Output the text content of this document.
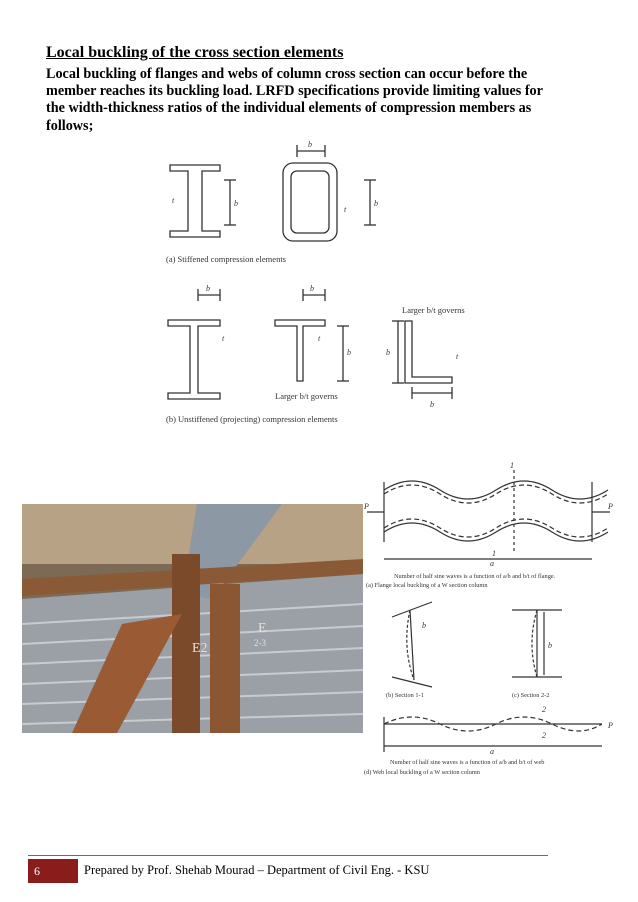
Local buckling of the cross section elements
Local buckling of flanges and webs of column cross section can occur before the member reaches its buckling load. LRFD specifications provide limiting values for the width-thickness ratios of the individual elements of compression members as follows;
b
b
b
t
t
b	b
b	b
b
t	t
t
(a) Stiffened compression elements
Larger b/t governs
Larger b/t governs
(b) Unstiffened (projecting) compression elements
E2
E
2-3
P	P
P
1
1
2
2
a
a
b
b
Number of half sine waves is a function of a/b and b/t of flange.
(a) Flange local buckling of a W section column
(b) Section 1-1	(c) Section 2-2
Number of half sine waves is a function of a/b and b/t of web
(d) Web local buckling of a W section column
6	Prepared by Prof. Shehab Mourad – Department of Civil Eng. - KSU
